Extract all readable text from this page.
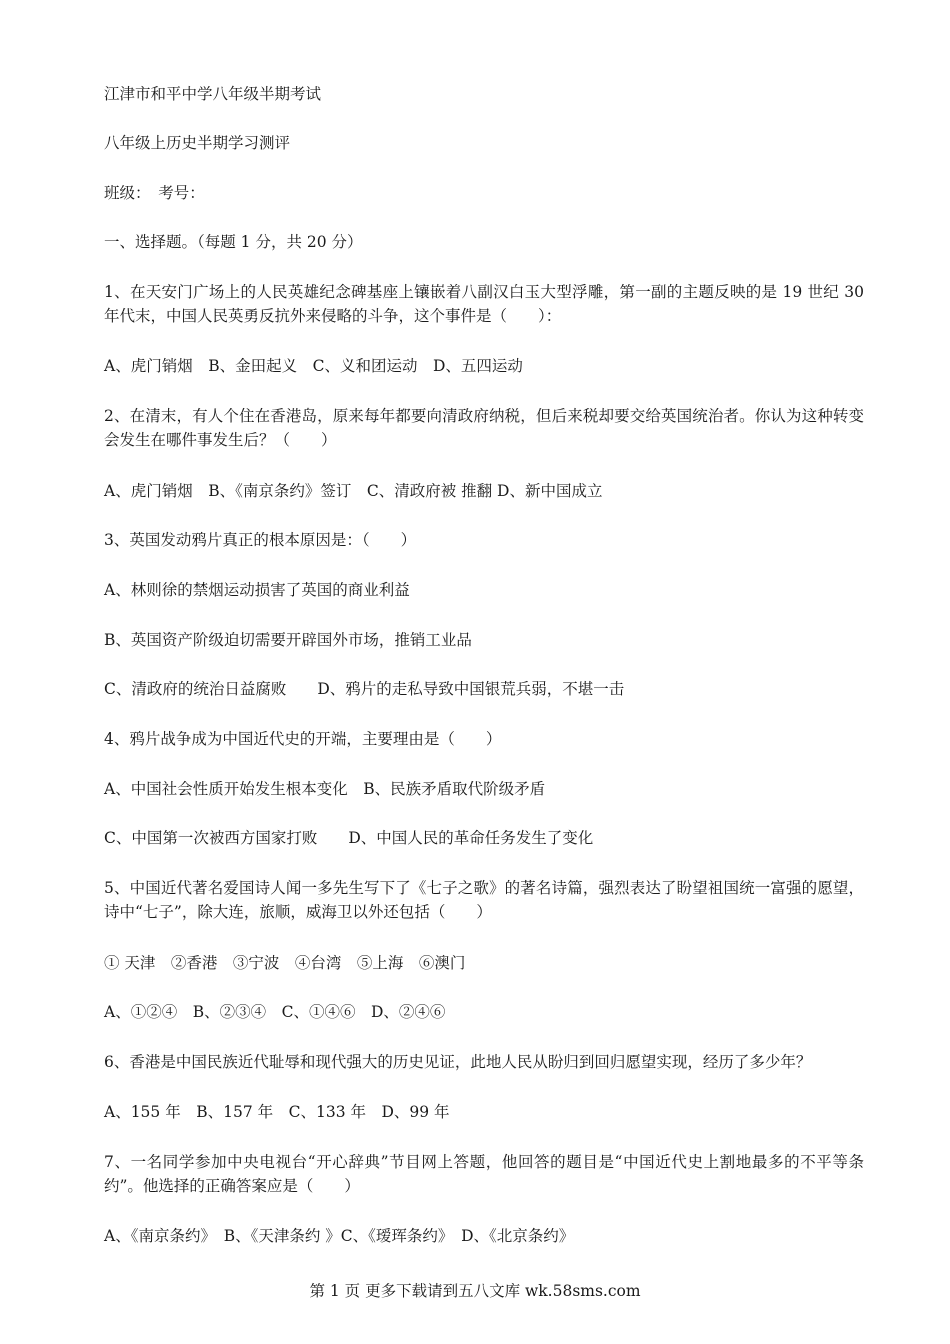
江津市和平中学八年级半期考试
八年级上历史半期学习测评
班级：　考号：
一、选择题。（每题 1 分，共 20 分）
1、在天安门广场上的人民英雄纪念碑基座上镶嵌着八副汉白玉大型浮雕，第一副的主题反映的是 19 世纪 30 年代末，中国人民英勇反抗外来侵略的斗争，这个事件是（　　）：
A、虎门销烟　B、金田起义　C、义和团运动　D、五四运动
2、在清末，有人个住在香港岛，原来每年都要向清政府纳税，但后来税却要交给英国统治者。你认为这种转变会发生在哪件事发生后？（　　）
A、虎门销烟　B、《南京条约》签订　C、清政府被 推翻 D、新中国成立
3、英国发动鸦片真正的根本原因是：（　　）
A、林则徐的禁烟运动损害了英国的商业利益
B、英国资产阶级迫切需要开辟国外市场，推销工业品
C、清政府的统治日益腐败　　D、鸦片的走私导致中国银荒兵弱，不堪一击
4、鸦片战争成为中国近代史的开端，主要理由是（　　）
A、中国社会性质开始发生根本变化　B、民族矛盾取代阶级矛盾
C、中国第一次被西方国家打败　　D、中国人民的革命任务发生了变化
5、中国近代著名爱国诗人闻一多先生写下了《七子之歌》的著名诗篇，强烈表达了盼望祖国统一富强的愿望，诗中“七子”，除大连，旅顺，威海卫以外还包括（　　）
① 天津　②香港　③宁波　④台湾　⑤上海　⑥澳门
A、①②④　B、②③④　C、①④⑥　D、②④⑥
6、香港是中国民族近代耻辱和现代强大的历史见证，此地人民从盼归到回归愿望实现，经历了多少年？
A、155 年　B、157 年　C、133 年　D、99 年
7、一名同学参加中央电视台“开心辞典”节目网上答题，他回答的题目是“中国近代史上割地最多的不平等条约”。他选择的正确答案应是（　　）
A、《南京条约》　B、《天津条约 》C、《瑷珲条约》　D、《北京条约》
第 1 页 更多下载请到五八文库 wk.58sms.com
